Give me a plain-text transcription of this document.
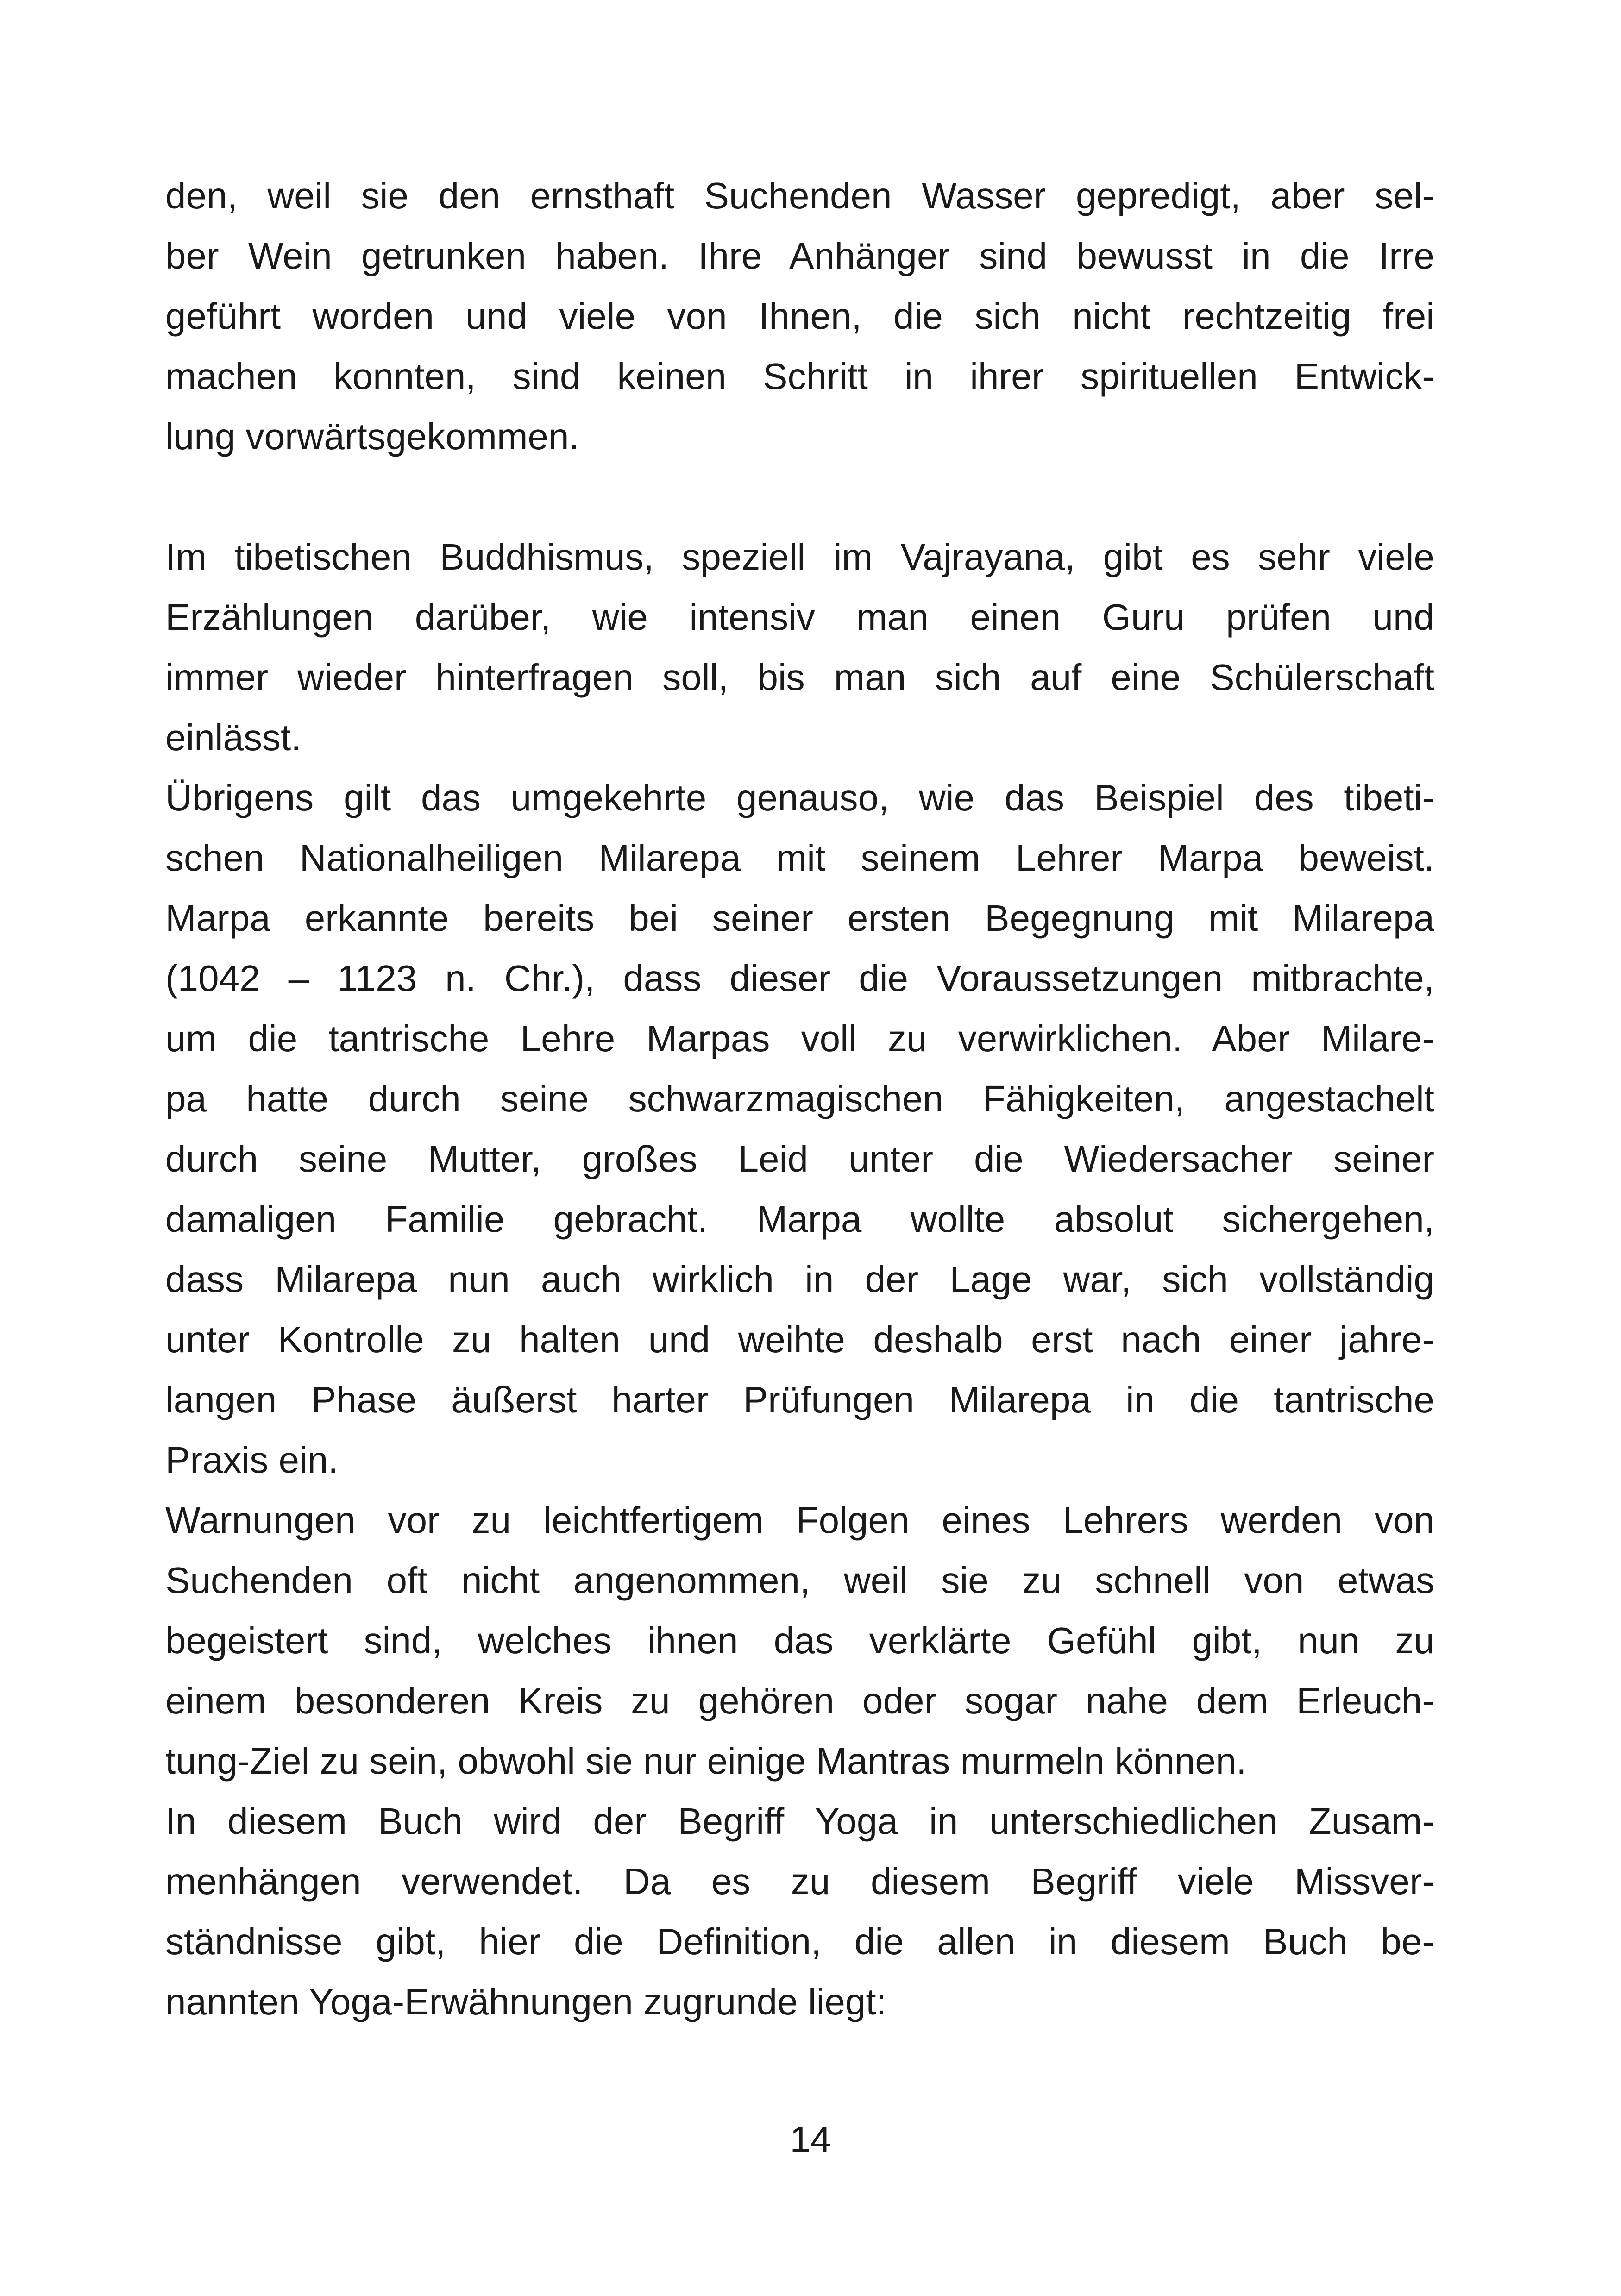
den, weil sie den ernsthaft Suchenden Wasser gepredigt, aber sel-
ber Wein getrunken haben. Ihre Anhänger sind bewusst in die Irre
geführt worden und viele von Ihnen, die sich nicht rechtzeitig frei
machen konnten, sind keinen Schritt in ihrer spirituellen Entwick-
lung vorwärtsgekommen.
Im tibetischen Buddhismus, speziell im Vajrayana, gibt es sehr viele
Erzählungen darüber, wie intensiv man einen Guru prüfen und
immer wieder hinterfragen soll, bis man sich auf eine Schülerschaft
einlässt.
Übrigens gilt das umgekehrte genauso, wie das Beispiel des tibeti-
schen Nationalheiligen Milarepa mit seinem Lehrer Marpa beweist.
Marpa erkannte bereits bei seiner ersten Begegnung mit Milarepa
(1042 – 1123 n. Chr.), dass dieser die Voraussetzungen mitbrachte,
um die tantrische Lehre Marpas voll zu verwirklichen. Aber Milare-
pa hatte durch seine schwarzmagischen Fähigkeiten, angestachelt
durch seine Mutter, großes Leid unter die Wiedersacher seiner
damaligen Familie gebracht. Marpa wollte absolut sichergehen,
dass Milarepa nun auch wirklich in der Lage war, sich vollständig
unter Kontrolle zu halten und weihte deshalb erst nach einer jahre-
langen Phase äußerst harter Prüfungen Milarepa in die tantrische
Praxis ein.
Warnungen vor zu leichtfertigem Folgen eines Lehrers werden von
Suchenden oft nicht angenommen, weil sie zu schnell von etwas
begeistert sind, welches ihnen das verklärte Gefühl gibt, nun zu
einem besonderen Kreis zu gehören oder sogar nahe dem Erleuch-
tung-Ziel zu sein, obwohl sie nur einige Mantras murmeln können.
In diesem Buch wird der Begriff Yoga in unterschiedlichen Zusam-
menhängen verwendet. Da es zu diesem Begriff viele Missver-
ständnisse gibt, hier die Definition, die allen in diesem Buch be-
nannten Yoga-Erwähnungen zugrunde liegt:
14
